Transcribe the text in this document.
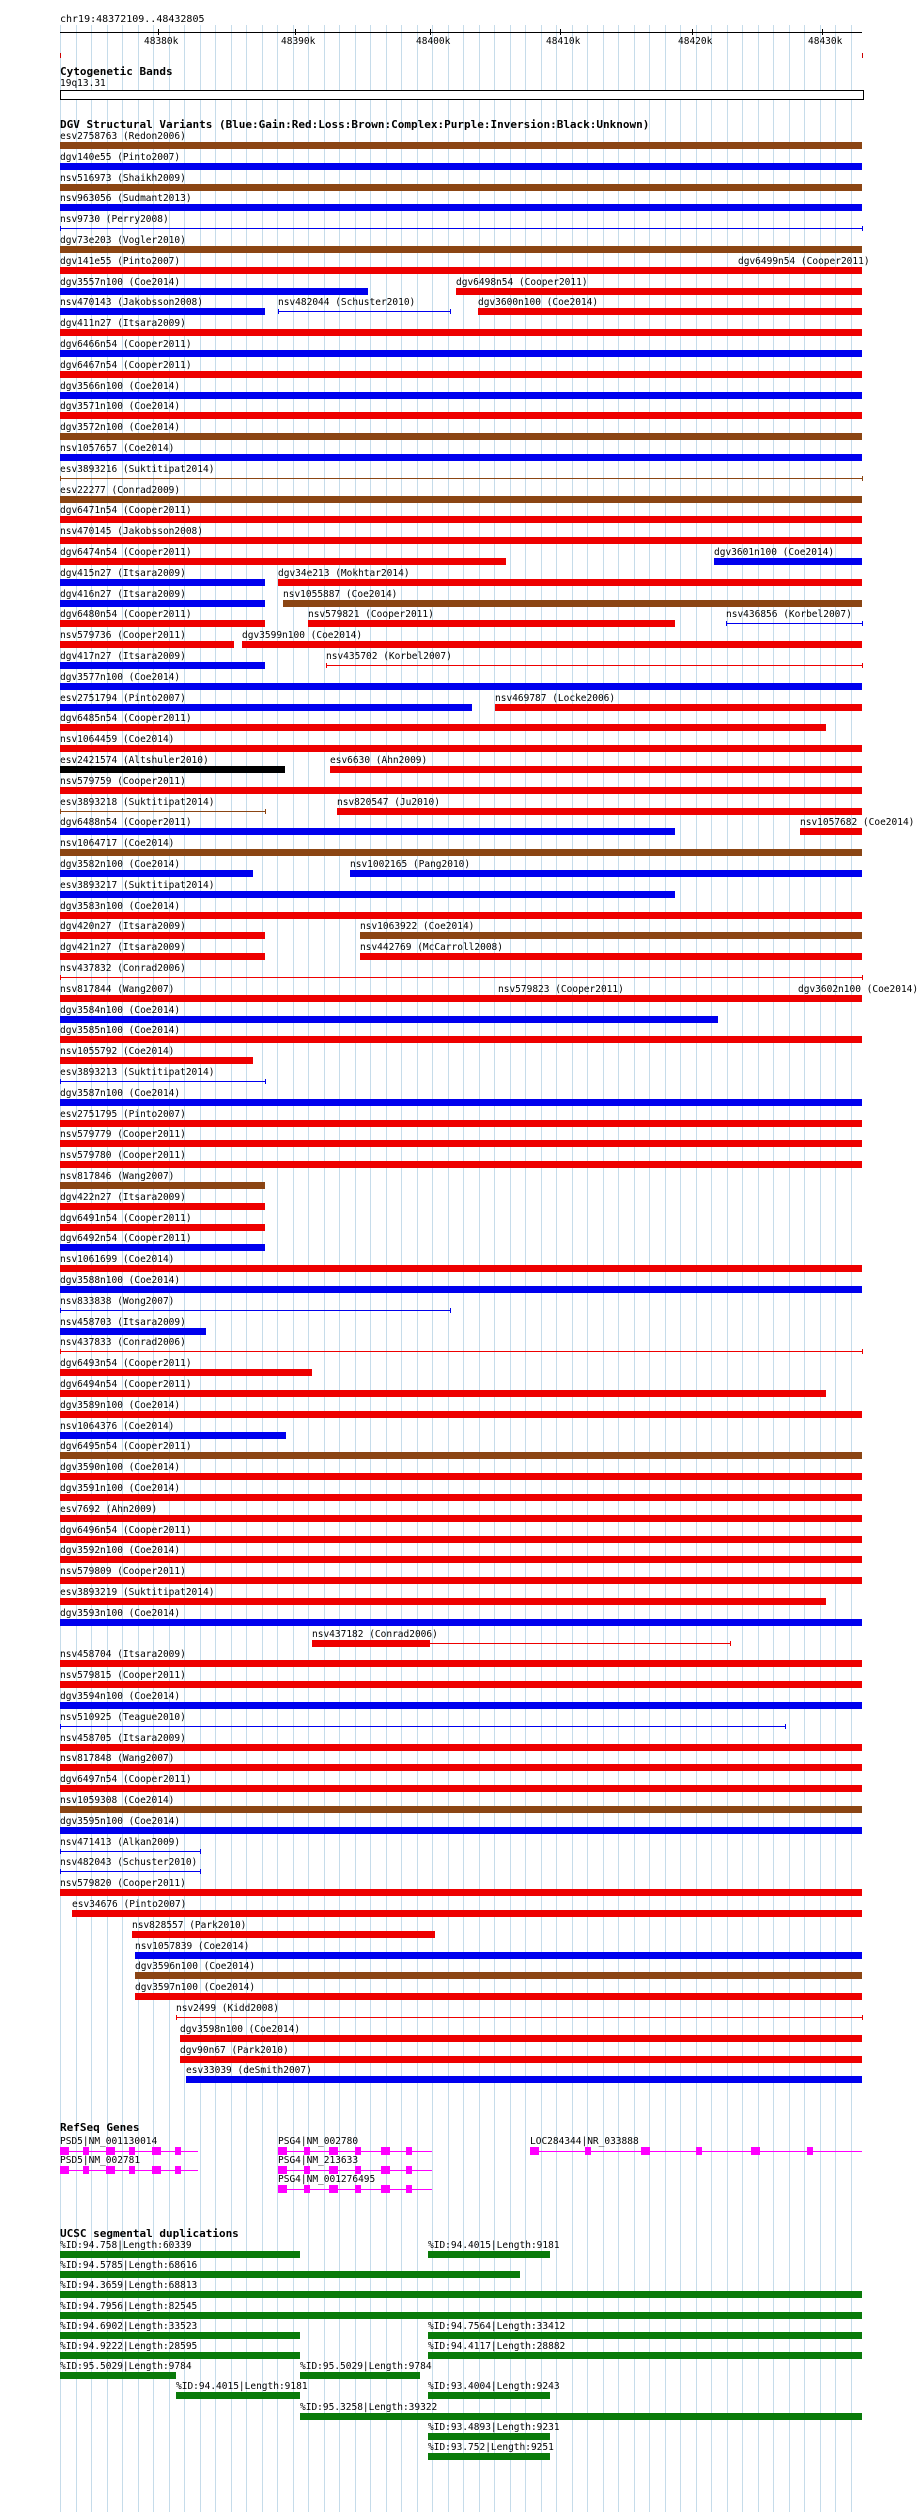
chr19:48372109..48432805
48380k	48390k	48400k	48410k	48420k	48430k
Cytogenetic Bands
19q13.31
DGV Structural Variants (Blue:Gain:Red:Loss:Brown:Complex:Purple:Inversion:Black:Unknown)
esv2758763 (Redon2006)
dgv140e55 (Pinto2007)
nsv516973 (Shaikh2009)
nsv963056 (Sudmant2013)
nsv9730 (Perry2008)
dgv73e203 (Vogler2010)
dgv141e55 (Pinto2007)	dgv6499n54 (Cooper2011)
dgv3557n100 (Coe2014)	dgv6498n54 (Cooper2011)
nsv470143 (Jakobsson2008)	nsv482044 (Schuster2010)	dgv3600n100 (Coe2014)
dgv411n27 (Itsara2009)
dgv6466n54 (Cooper2011)
dgv6467n54 (Cooper2011)
dgv3566n100 (Coe2014)
dgv3571n100 (Coe2014)
dgv3572n100 (Coe2014)
nsv1057657 (Coe2014)
esv3893216 (Suktitipat2014)
esv22277 (Conrad2009)
dgv6471n54 (Cooper2011)
nsv470145 (Jakobsson2008)
dgv6474n54 (Cooper2011)	dgv3601n100 (Coe2014)
dgv415n27 (Itsara2009)	dgv34e213 (Mokhtar2014)
dgv416n27 (Itsara2009)	nsv1055887 (Coe2014)
dgv6480n54 (Cooper2011)	nsv579821 (Cooper2011)	nsv436856 (Korbel2007)
nsv579736 (Cooper2011)	dgv3599n100 (Coe2014)
dgv417n27 (Itsara2009)	nsv435702 (Korbel2007)
dgv3577n100 (Coe2014)
esv2751794 (Pinto2007)	nsv469787 (Locke2006)
dgv6485n54 (Cooper2011)
nsv1064459 (Coe2014)
esv2421574 (Altshuler2010)	esv6630 (Ahn2009)
nsv579759 (Cooper2011)
esv3893218 (Suktitipat2014)	nsv820547 (Ju2010)
dgv6488n54 (Cooper2011)	nsv1057682 (Coe2014)
nsv1064717 (Coe2014)
dgv3582n100 (Coe2014)	nsv1002165 (Pang2010)
esv3893217 (Suktitipat2014)
dgv3583n100 (Coe2014)
dgv420n27 (Itsara2009)	nsv1063922 (Coe2014)
dgv421n27 (Itsara2009)	nsv442769 (McCarroll2008)
nsv437832 (Conrad2006)
nsv817844 (Wang2007)	nsv579823 (Cooper2011)	dgv3602n100 (Coe2014)
dgv3584n100 (Coe2014)
dgv3585n100 (Coe2014)
nsv1055792 (Coe2014)
esv3893213 (Suktitipat2014)
dgv3587n100 (Coe2014)
esv2751795 (Pinto2007)
nsv579779 (Cooper2011)
nsv579780 (Cooper2011)
nsv817846 (Wang2007)
dgv422n27 (Itsara2009)
dgv6491n54 (Cooper2011)
dgv6492n54 (Cooper2011)
nsv1061699 (Coe2014)
dgv3588n100 (Coe2014)
nsv833838 (Wong2007)
nsv458703 (Itsara2009)
nsv437833 (Conrad2006)
dgv6493n54 (Cooper2011)
dgv6494n54 (Cooper2011)
dgv3589n100 (Coe2014)
nsv1064376 (Coe2014)
dgv6495n54 (Cooper2011)
dgv3590n100 (Coe2014)
dgv3591n100 (Coe2014)
esv7692 (Ahn2009)
dgv6496n54 (Cooper2011)
dgv3592n100 (Coe2014)
nsv579809 (Cooper2011)
esv3893219 (Suktitipat2014)
dgv3593n100 (Coe2014)
nsv437182 (Conrad2006)
nsv458704 (Itsara2009)
nsv579815 (Cooper2011)
dgv3594n100 (Coe2014)
nsv510925 (Teague2010)
nsv458705 (Itsara2009)
nsv817848 (Wang2007)
dgv6497n54 (Cooper2011)
nsv1059308 (Coe2014)
dgv3595n100 (Coe2014)
nsv471413 (Alkan2009)
nsv482043 (Schuster2010)
nsv579820 (Cooper2011)
esv34676 (Pinto2007)
nsv828557 (Park2010)
nsv1057839 (Coe2014)
dgv3596n100 (Coe2014)
dgv3597n100 (Coe2014)
nsv2499 (Kidd2008)
dgv3598n100 (Coe2014)
dgv90n67 (Park2010)
esv33039 (deSmith2007)
RefSeq Genes
PSD5|NM_001130014	PSG4|NM_002780	LOC284344|NR_033888
PSD5|NM_002781	PSG4|NM_213633
PSG4|NM_001276495
UCSC segmental duplications
%ID:94.758|Length:60339	%ID:94.4015|Length:9181
%ID:94.5785|Length:68616
%ID:94.3659|Length:68813
%ID:94.7956|Length:82545
%ID:94.6902|Length:33523	%ID:94.7564|Length:33412
%ID:94.9222|Length:28595	%ID:94.4117|Length:28882
%ID:95.5029|Length:9784	%ID:95.5029|Length:9784
%ID:94.4015|Length:9181	%ID:93.4004|Length:9243
%ID:95.3258|Length:39322
%ID:93.4893|Length:9231
%ID:93.752|Length:9251
